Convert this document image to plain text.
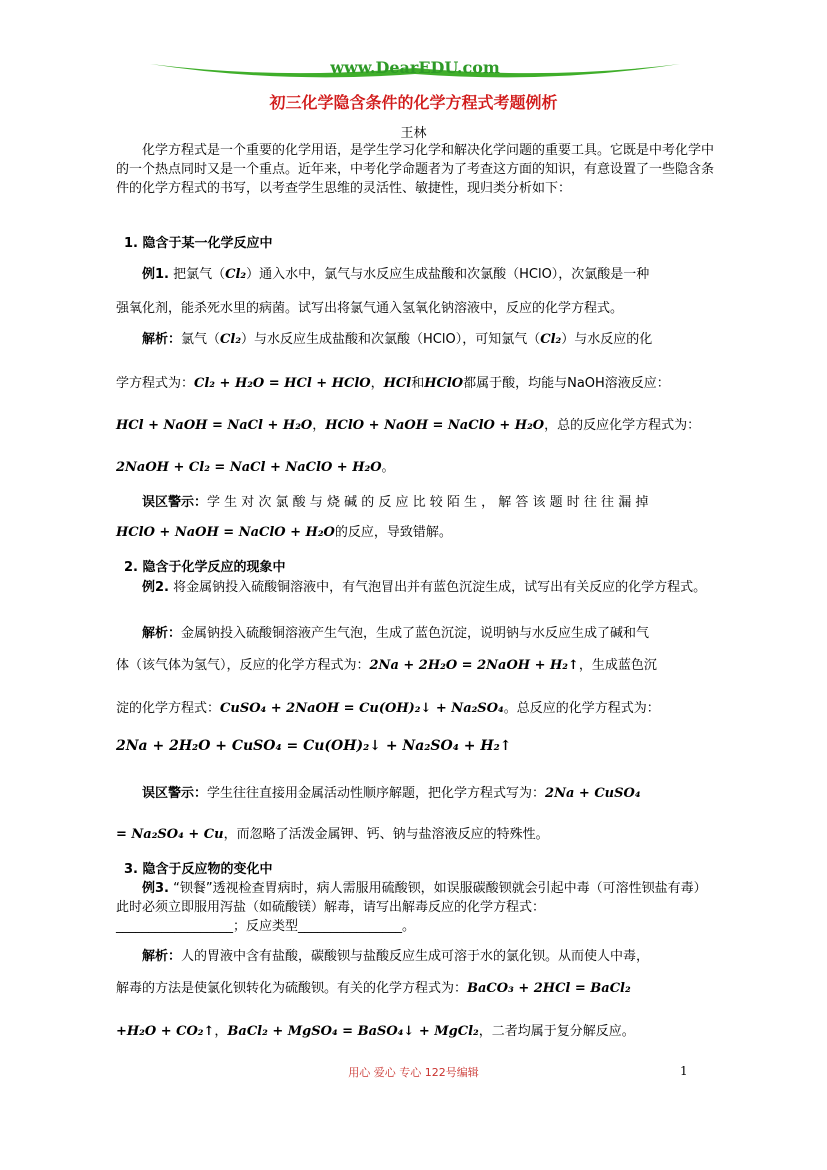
www.DearEDU.com
初三化学隐含条件的化学方程式考题例析
王林
化学方程式是一个重要的化学用语，是学生学习化学和解决化学问题的重要工具。它既是中考化学中的一个热点同时又是一个重点。近年来，中考化学命题者为了考查这方面的知识，有意设置了一些隐含条件的化学方程式的书写，以考查学生思维的灵活性、敏捷性，现归类分析如下：
1. 隐含于某一化学反应中
例1. 把氯气（Cl₂）通入水中，氯气与水反应生成盐酸和次氯酸（HClO），次氯酸是一种
强氧化剂，能杀死水里的病菌。试写出将氯气通入氢氧化钠溶液中，反应的化学方程式。
解析：氯气（Cl₂）与水反应生成盐酸和次氯酸（HClO），可知氯气（Cl₂）与水反应的化
学方程式为：Cl₂ + H₂O = HCl + HClO，HCl和HClO都属于酸，均能与NaOH溶液反应：
HCl + NaOH = NaCl + H₂O，HClO + NaOH = NaClO + H₂O，总的反应化学方程式为：
2NaOH + Cl₂ = NaCl + NaClO + H₂O。
误区警示：学 生 对 次 氯 酸 与 烧 碱 的 反 应 比 较 陌 生 ， 解 答 该 题 时 往 往 漏 掉
HClO + NaOH = NaClO + H₂O的反应，导致错解。
2. 隐含于化学反应的现象中
例2. 将金属钠投入硫酸铜溶液中，有气泡冒出并有蓝色沉淀生成，试写出有关反应的化学方程式。
解析：金属钠投入硫酸铜溶液产生气泡，生成了蓝色沉淀，说明钠与水反应生成了碱和气
体（该气体为氢气），反应的化学方程式为：2Na + 2H₂O = 2NaOH + H₂↑，生成蓝色沉
淀的化学方程式：CuSO₄ + 2NaOH = Cu(OH)₂↓ + Na₂SO₄。总反应的化学方程式为：
2Na + 2H₂O + CuSO₄ = Cu(OH)₂↓ + Na₂SO₄ + H₂↑
误区警示：学生往往直接用金属活动性顺序解题，把化学方程式写为：2Na + CuSO₄
= Na₂SO₄ + Cu，而忽略了活泼金属钾、钙、钠与盐溶液反应的特殊性。
3. 隐含于反应物的变化中
例3. “钡餐”透视检查胃病时，病人需服用硫酸钡，如误服碳酸钡就会引起中毒（可溶性钡盐有毒）此时必须立即服用泻盐（如硫酸镁）解毒，请写出解毒反应的化学方程式：
__________________；反应类型________________。
解析：人的胃液中含有盐酸，碳酸钡与盐酸反应生成可溶于水的氯化钡。从而使人中毒，
解毒的方法是使氯化钡转化为硫酸钡。有关的化学方程式为：BaCO₃ + 2HCl = BaCl₂
+H₂O + CO₂↑，BaCl₂ + MgSO₄ = BaSO₄↓ + MgCl₂，二者均属于复分解反应。
用心 爱心 专心 122号编辑	1
